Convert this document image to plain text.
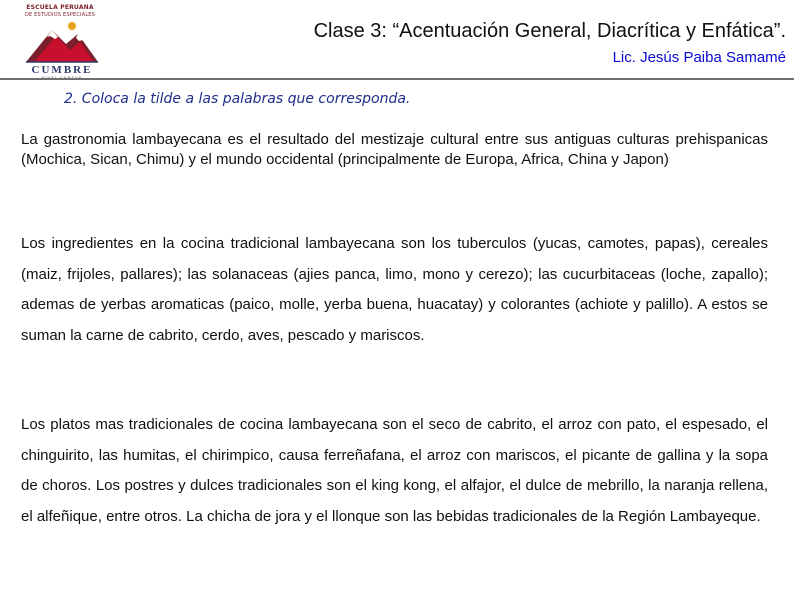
ESCUELA PERUANA
DE ESTUDIOS ESPECIALES
CUMBRE
Clase 3: “Acentuación General, Diacrítica y Enfática”.
Lic. Jesús Paiba Samamé
2. Coloca la tilde a las palabras que corresponda.

La gastronomia lambayecana es el resultado del mestizaje cultural entre sus antiguas culturas prehispanicas (Mochica, Sican, Chimu) y el mundo occidental (principalmente de Europa, Africa, China y Japon)

Los ingredientes en la cocina tradicional lambayecana son los tuberculos (yucas, camotes, papas), cereales (maiz, frijoles, pallares); las solanaceas (ajies panca, limo, mono y cerezo); las cucurbitaceas (loche, zapallo); ademas de yerbas aromaticas (paico, molle, yerba buena, huacatay) y colorantes (achiote y palillo). A estos se suman la carne de cabrito, cerdo, aves, pescado y mariscos.

Los platos mas tradicionales de cocina lambayecana son el seco de cabrito, el arroz con pato, el espesado, el chinguirito, las humitas, el chirimpico, causa ferreñafana, el arroz con mariscos, el picante de gallina y la sopa de choros. Los postres y dulces tradicionales son el king kong, el alfajor, el dulce de mebrillo, la naranja rellena, el alfeñique, entre otros. La chicha de jora y el llonque son las bebidas tradicionales de la Región Lambayeque.
